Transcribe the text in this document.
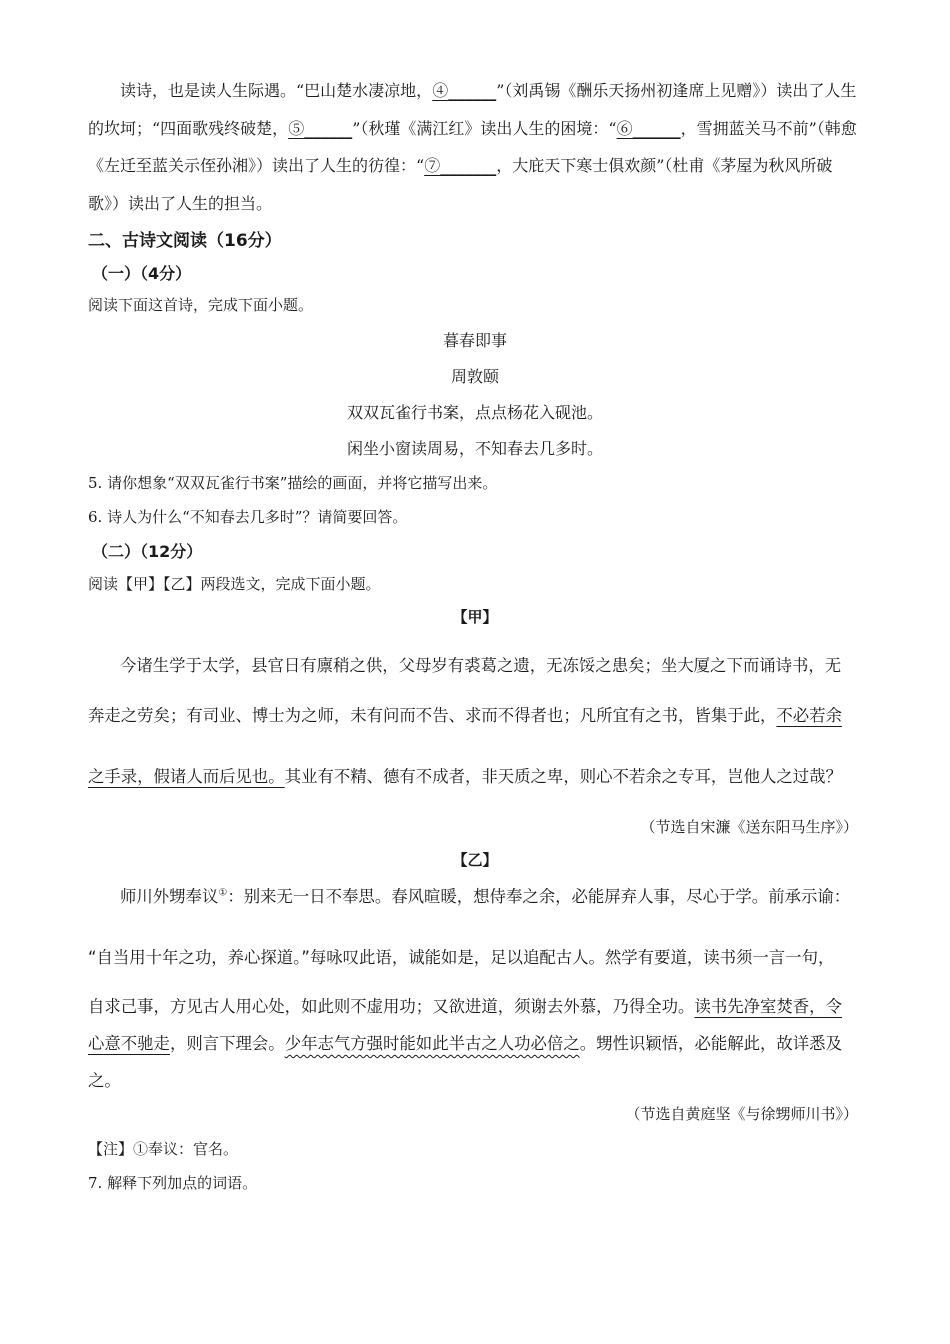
读诗，也是读人生际遇。“巴山楚水凄凉地，④______”（刘禹锡《酬乐天扬州初逢席上见赠》）读出了人生的坎坷；“四面歌残终破楚，⑤______”（秋瑾《满江红》读出人生的困境：“⑥______，雪拥蓝关马不前”（韩愈《左迁至蓝关示侄孙湘》）读出了人生的彷徨：“⑦_______，大庇天下寒士俱欢颜”（杜甫《茅屋为秋风所破歌》）读出了人生的担当。
二、古诗文阅读（16分）
（一）（4分）
阅读下面这首诗，完成下面小题。
暮春即事
周敦颐
双双瓦雀行书案，点点杨花入砚池。
闲坐小窗读周易，不知春去几多时。
5. 请你想象“双双瓦雀行书案”描绘的画面，并将它描写出来。
6. 诗人为什么“不知春去几多时”？请简要回答。
（二）（12分）
阅读【甲】【乙】两段选文，完成下面小题。
【甲】
今诸生学于太学，县官日有廪稍之供，父母岁有裘葛之遗，无冻馁之患矣；坐大厦之下而诵诗书，无
奔走之劳矣；有司业、博士为之师，未有问而不告、求而不得者也；凡所宜有之书，皆集于此，不必若余
之手录，假诸人而后见也。其业有不精、德有不成者，非天质之卑，则心不若余之专耳，岂他人之过哉？
（节选自宋濂《送东阳马生序》）
【乙】
师川外甥奉议①：别来无一日不奉思。春风暄暖，想侍奉之余，必能屏弃人事，尽心于学。前承示谕：
“自当用十年之功，养心探道。”每咏叹此语，诚能如是，足以追配古人。然学有要道，读书须一言一句，
自求己事，方见古人用心处，如此则不虚用功；又欲进道，须谢去外慕，乃得全功。读书先净室焚香，令
心意不驰走，则言下理会。少年志气方强时能如此半古之人功必倍之。甥性识颖悟，必能解此，故详悉及
之。
（节选自黄庭坚《与徐甥师川书》）
【注】①奉议：官名。
7. 解释下列加点的词语。
